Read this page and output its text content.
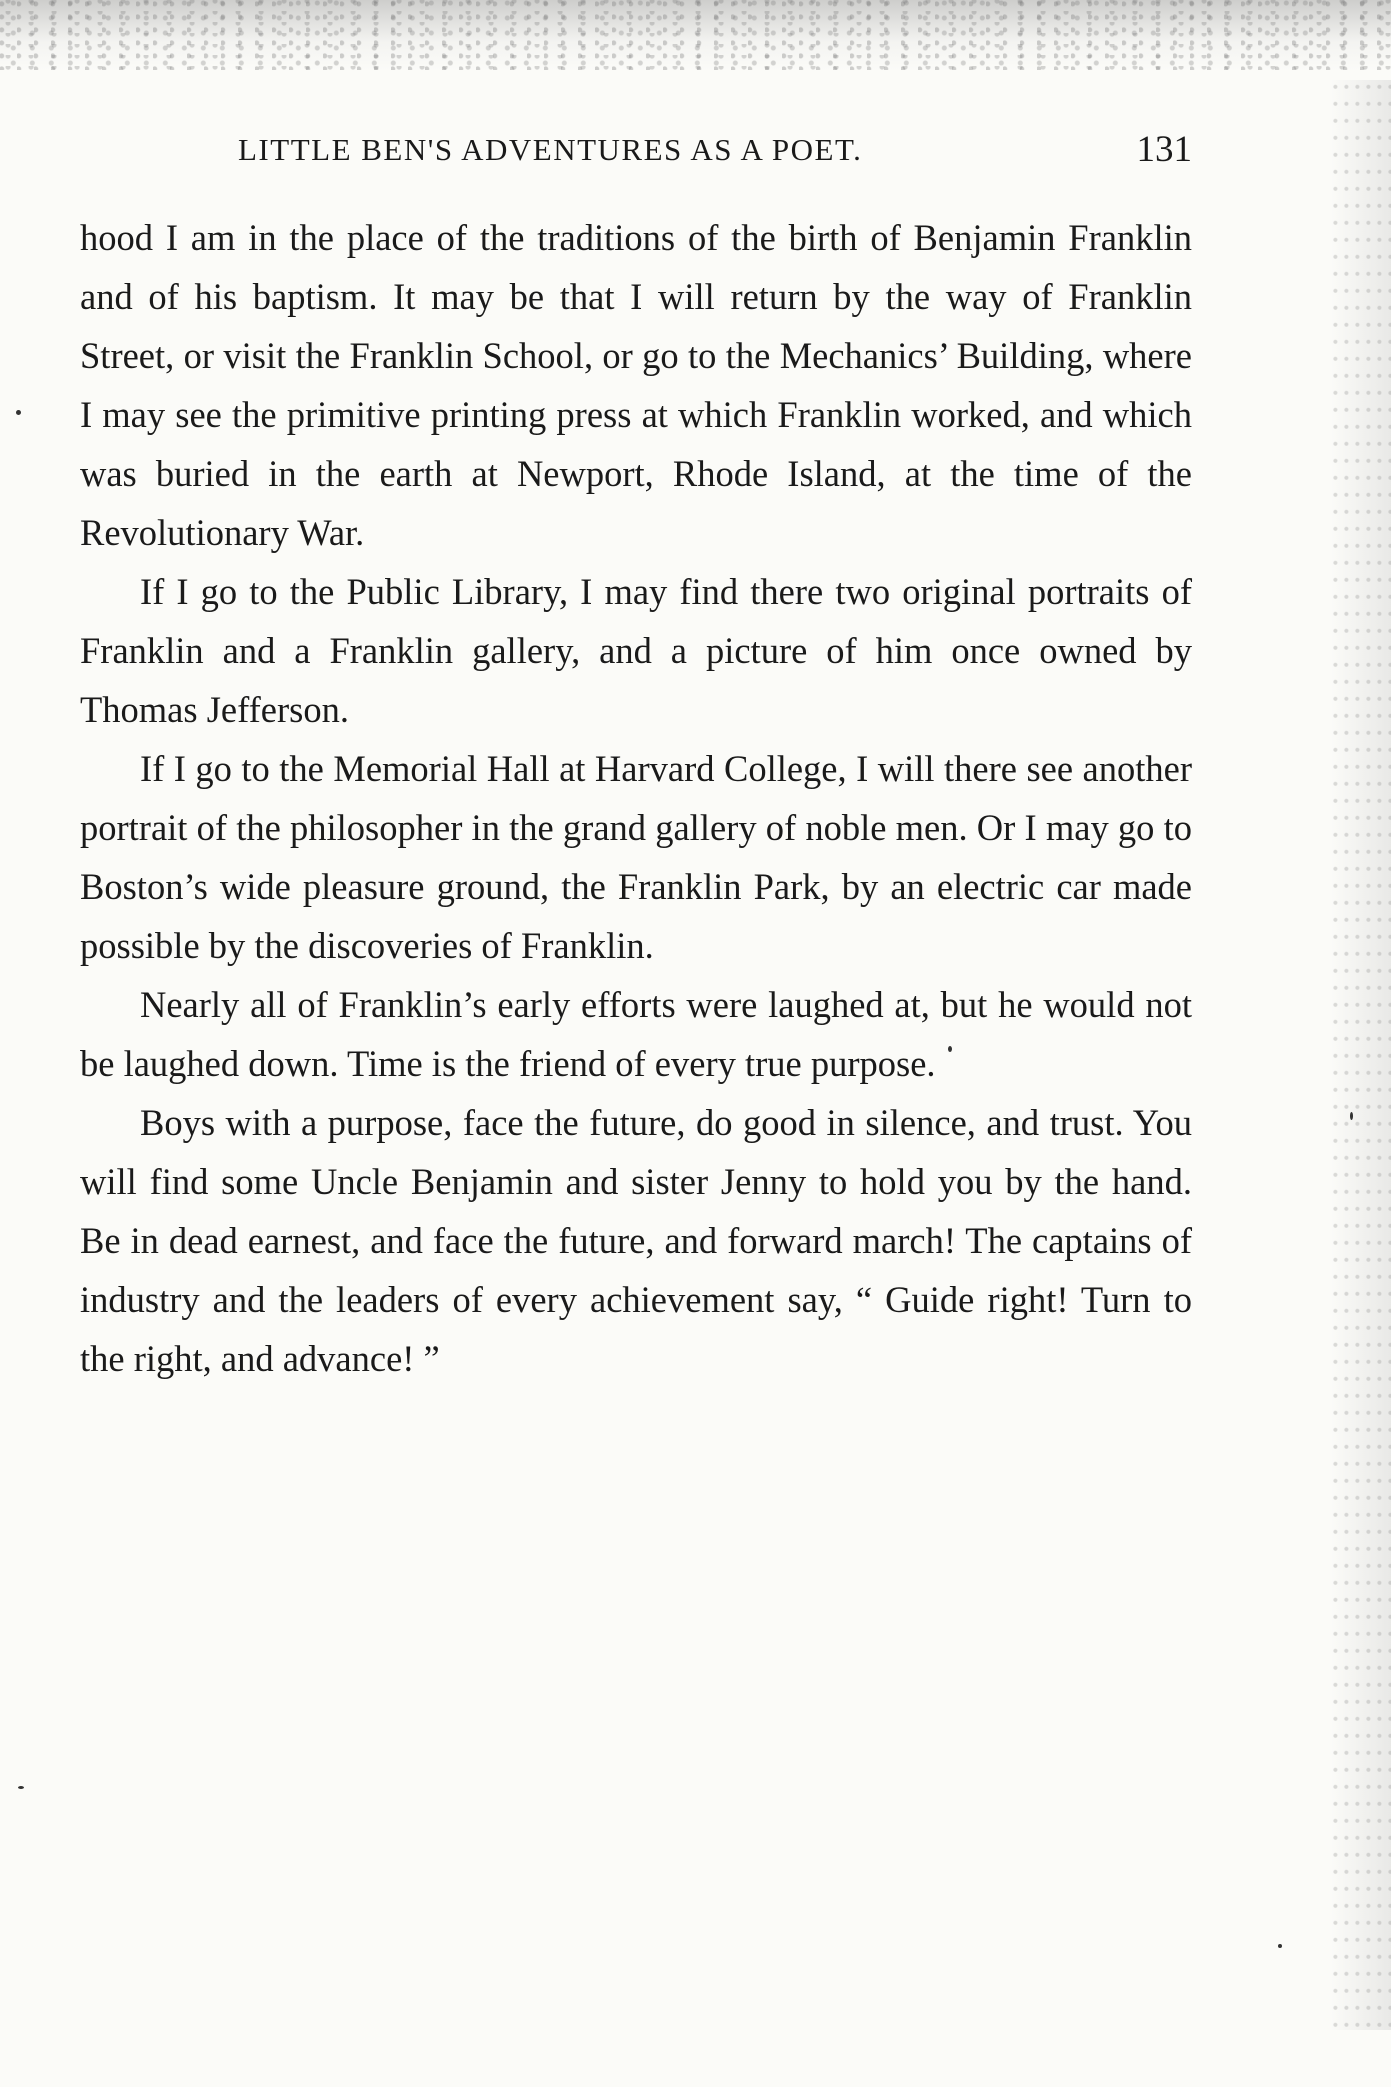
LITTLE BEN'S ADVENTURES AS A POET.	131

hood I am in the place of the traditions of the birth of Benjamin Franklin and of his baptism. It may be that I will return by the way of Franklin Street, or visit the Franklin School, or go to the Mechanics’ Building, where I may see the primitive printing press at which Franklin worked, and which was buried in the earth at Newport, Rhode Island, at the time of the Revolutionary War.

If I go to the Public Library, I may find there two original portraits of Franklin and a Franklin gallery, and a picture of him once owned by Thomas Jefferson.

If I go to the Memorial Hall at Harvard College, I will there see another portrait of the philosopher in the grand gallery of noble men. Or I may go to Boston’s wide pleasure ground, the Franklin Park, by an electric car made possible by the discoveries of Franklin.

Nearly all of Franklin’s early efforts were laughed at, but he would not be laughed down. Time is the friend of every true purpose.

Boys with a purpose, face the future, do good in silence, and trust. You will find some Uncle Benjamin and sister Jenny to hold you by the hand. Be in dead earnest, and face the future, and forward march! The captains of industry and the leaders of every achievement say, “ Guide right! Turn to the right, and advance! ”
